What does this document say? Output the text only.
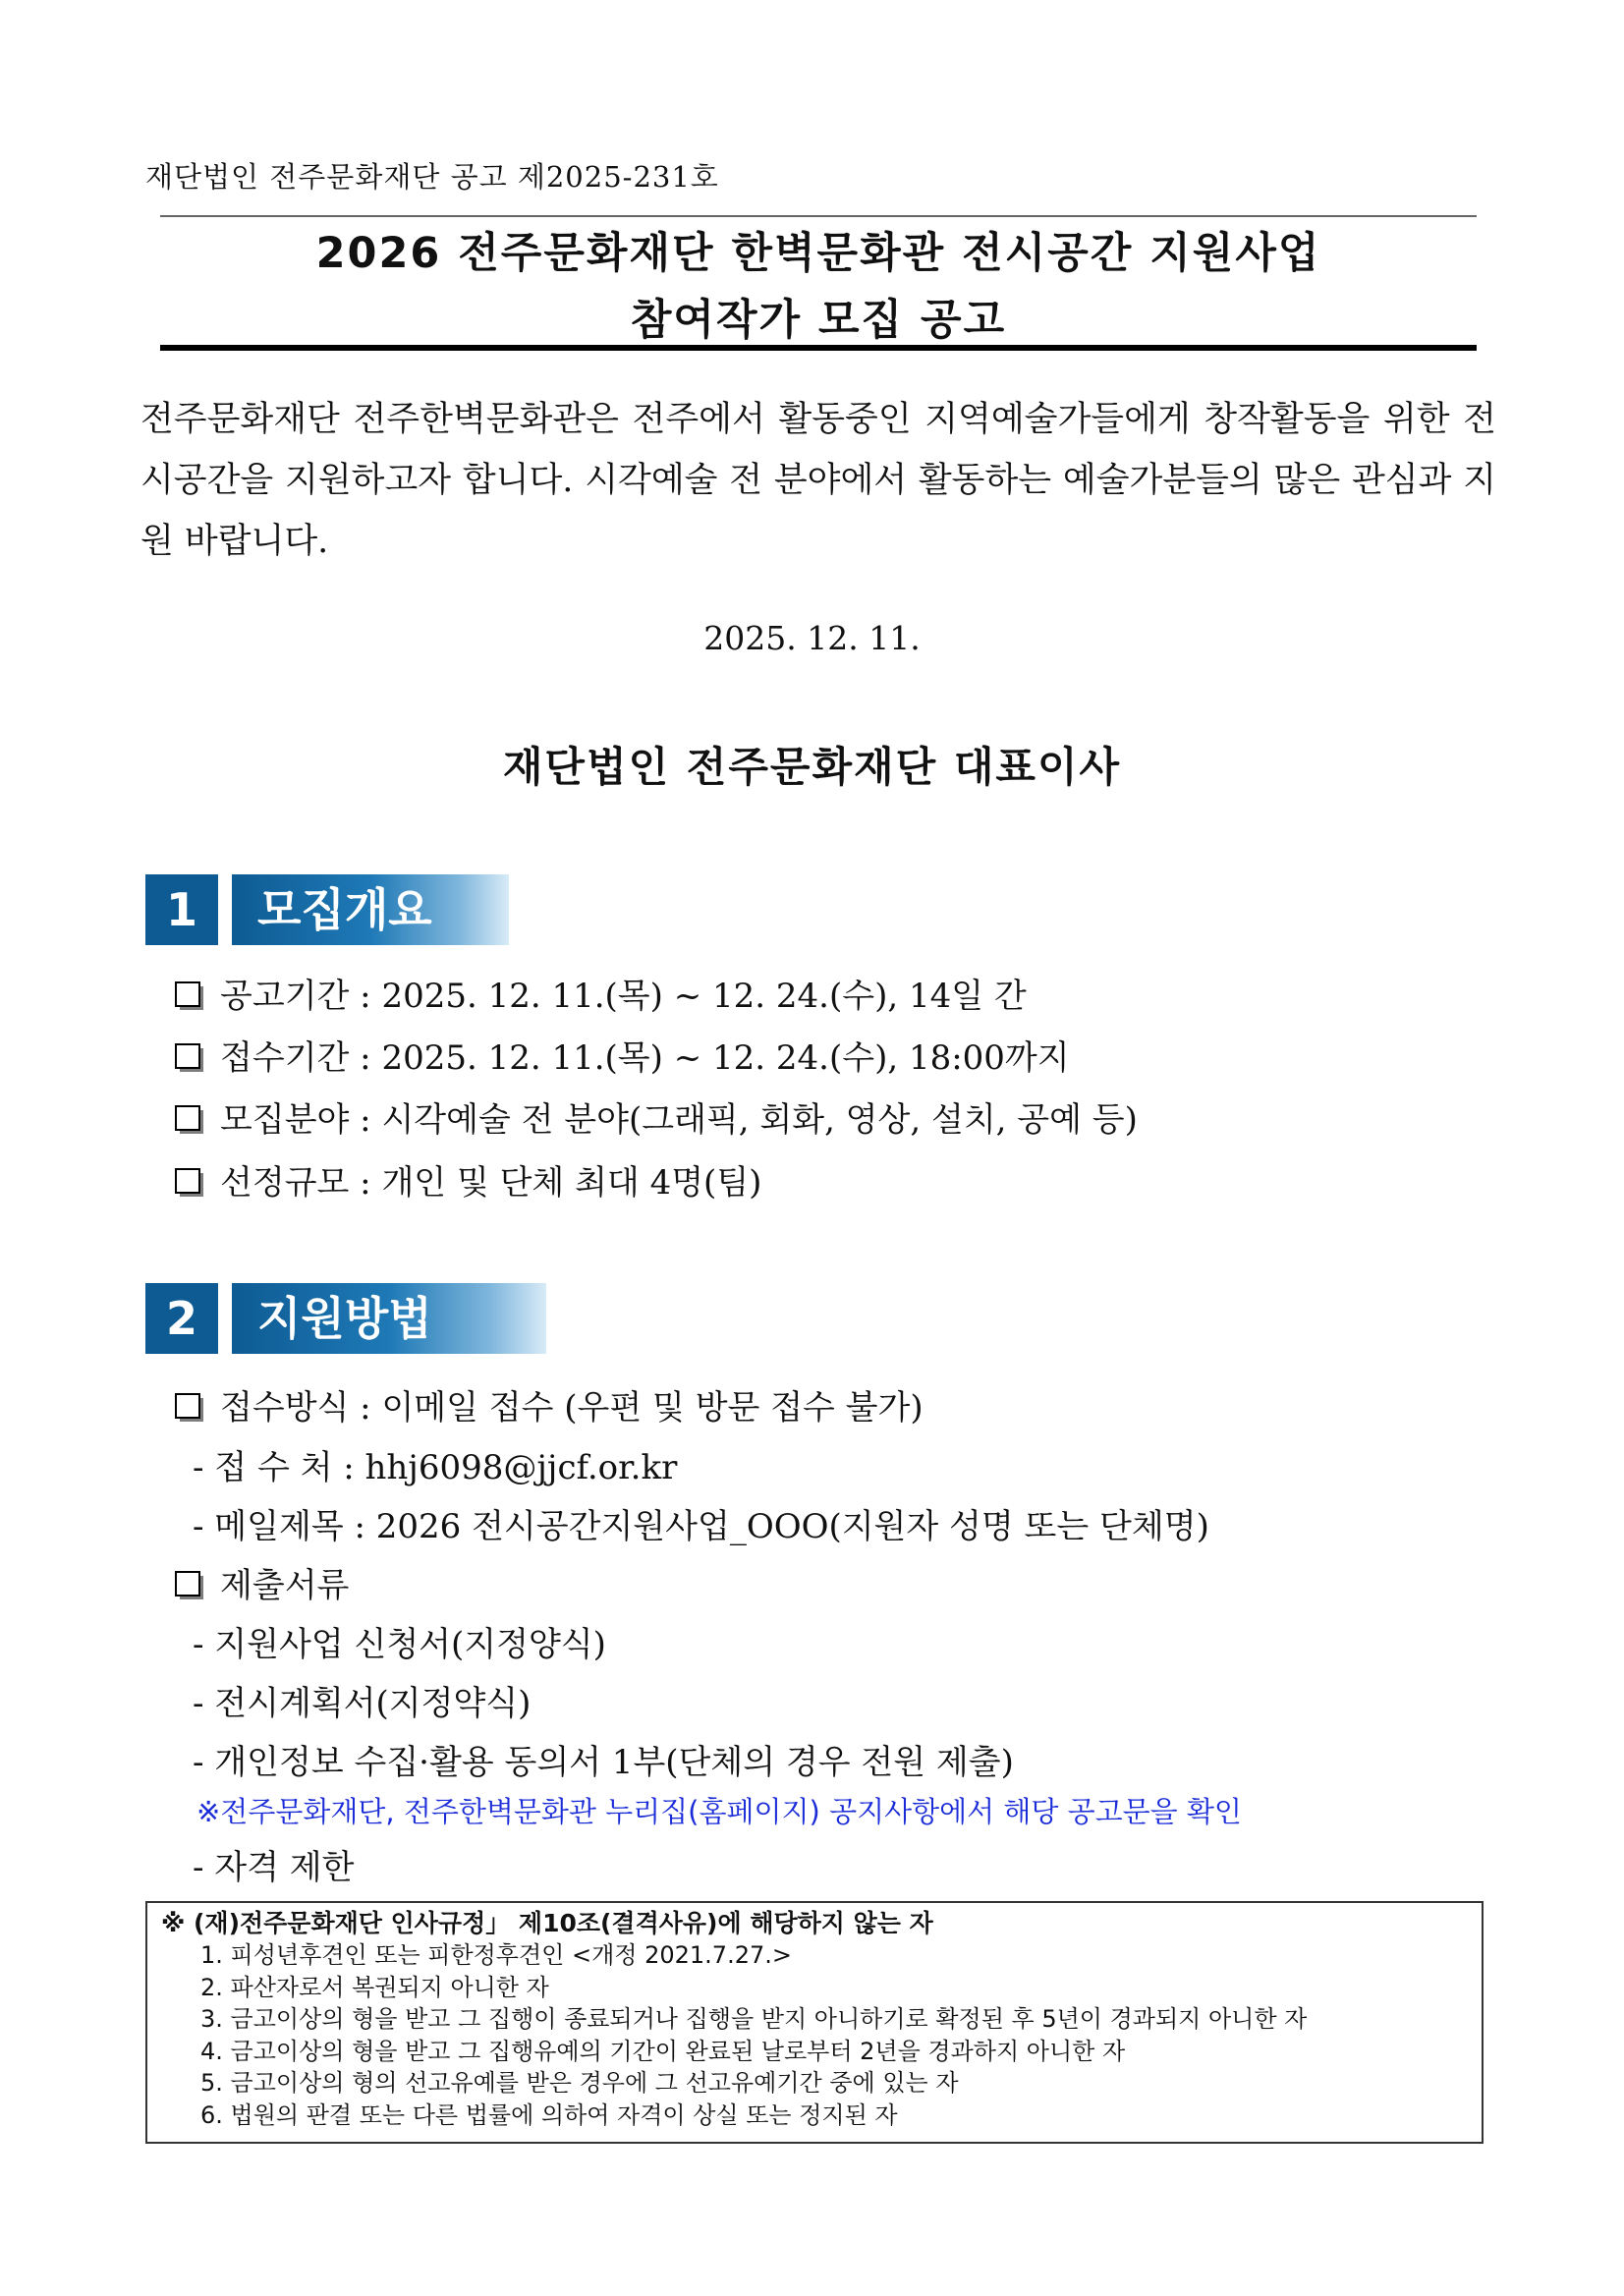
재단법인 전주문화재단 공고 제2025-231호
2026 전주문화재단 한벽문화관 전시공간 지원사업
참여작가 모집 공고
전주문화재단 전주한벽문화관은 전주에서 활동중인 지역예술가들에게 창작활동을 위한 전시공간을 지원하고자 합니다. 시각예술 전 분야에서 활동하는 예술가분들의 많은 관심과 지원 바랍니다.
2025. 12. 11.
재단법인 전주문화재단 대표이사
1	모집개요
공고기간 : 2025. 12. 11.(목) ~ 12. 24.(수), 14일 간
접수기간 : 2025. 12. 11.(목) ~ 12. 24.(수), 18:00까지
모집분야 : 시각예술 전 분야(그래픽, 회화, 영상, 설치, 공예 등)
선정규모 : 개인 및 단체 최대 4명(팀)
2	지원방법
접수방식 : 이메일 접수 (우편 및 방문 접수 불가)
- 접 수 처 : hhj6098@jjcf.or.kr
- 메일제목 : 2026 전시공간지원사업_OOO(지원자 성명 또는 단체명)
제출서류
- 지원사업 신청서(지정양식)
- 전시계획서(지정약식)
- 개인정보 수집·활용 동의서 1부(단체의 경우 전원 제출)
※전주문화재단, 전주한벽문화관 누리집(홈페이지) 공지사항에서 해당 공고문을 확인
- 자격 제한
※ (재)전주문화재단 인사규정」 제10조(결격사유)에 해당하지 않는 자
1. 피성년후견인 또는 피한정후견인 <개정 2021.7.27.>
2. 파산자로서 복권되지 아니한 자
3. 금고이상의 형을 받고 그 집행이 종료되거나 집행을 받지 아니하기로 확정된 후 5년이 경과되지 아니한 자
4. 금고이상의 형을 받고 그 집행유예의 기간이 완료된 날로부터 2년을 경과하지 아니한 자
5. 금고이상의 형의 선고유예를 받은 경우에 그 선고유예기간 중에 있는 자
6. 법원의 판결 또는 다른 법률에 의하여 자격이 상실 또는 정지된 자
